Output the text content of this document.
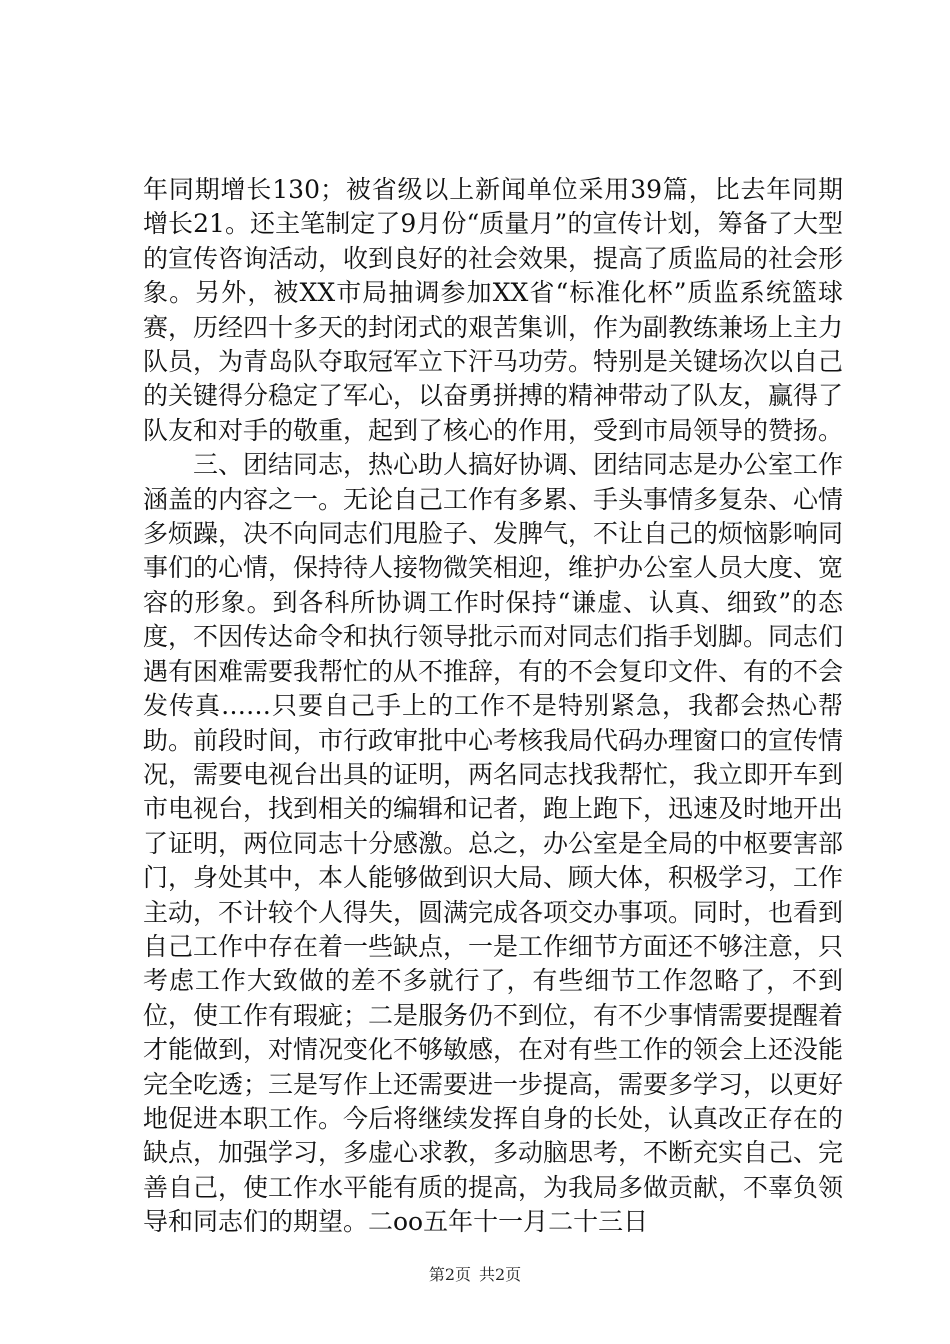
年同期增长130；被省级以上新闻单位采用39篇，比去年同期增长21。还主笔制定了9月份“质量月”的宣传计划，筹备了大型的宣传咨询活动，收到良好的社会效果，提高了质监局的社会形象。另外，被XX市局抽调参加XX省“标准化杯”质监系统篮球赛，历经四十多天的封闭式的艰苦集训，作为副教练兼场上主力队员，为青岛队夺取冠军立下汗马功劳。特别是关键场次以自己的关键得分稳定了军心，以奋勇拼搏的精神带动了队友，赢得了队友和对手的敬重，起到了核心的作用，受到市局领导的赞扬。

三、团结同志，热心助人搞好协调、团结同志是办公室工作涵盖的内容之一。无论自己工作有多累、手头事情多复杂、心情多烦躁，决不向同志们甩脸子、发脾气，不让自己的烦恼影响同事们的心情，保持待人接物微笑相迎，维护办公室人员大度、宽容的形象。到各科所协调工作时保持“谦虚、认真、细致”的态度，不因传达命令和执行领导批示而对同志们指手划脚。同志们遇有困难需要我帮忙的从不推辞，有的不会复印文件、有的不会发传真……只要自己手上的工作不是特别紧急，我都会热心帮助。前段时间，市行政审批中心考核我局代码办理窗口的宣传情况，需要电视台出具的证明，两名同志找我帮忙，我立即开车到市电视台，找到相关的编辑和记者，跑上跑下，迅速及时地开出了证明，两位同志十分感激。总之，办公室是全局的中枢要害部门，身处其中，本人能够做到识大局、顾大体，积极学习，工作主动，不计较个人得失，圆满完成各项交办事项。同时，也看到自己工作中存在着一些缺点，一是工作细节方面还不够注意，只考虑工作大致做的差不多就行了，有些细节工作忽略了，不到位，使工作有瑕疵；二是服务仍不到位，有不少事情需要提醒着才能做到，对情况变化不够敏感，在对有些工作的领会上还没能完全吃透；三是写作上还需要进一步提高，需要多学习，以更好地促进本职工作。今后将继续发挥自身的长处，认真改正存在的缺点，加强学习，多虚心求教，多动脑思考，不断充实自己、完善自己，使工作水平能有质的提高，为我局多做贡献，不辜负领导和同志们的期望。二oo五年十一月二十三日

第2页 共2页
